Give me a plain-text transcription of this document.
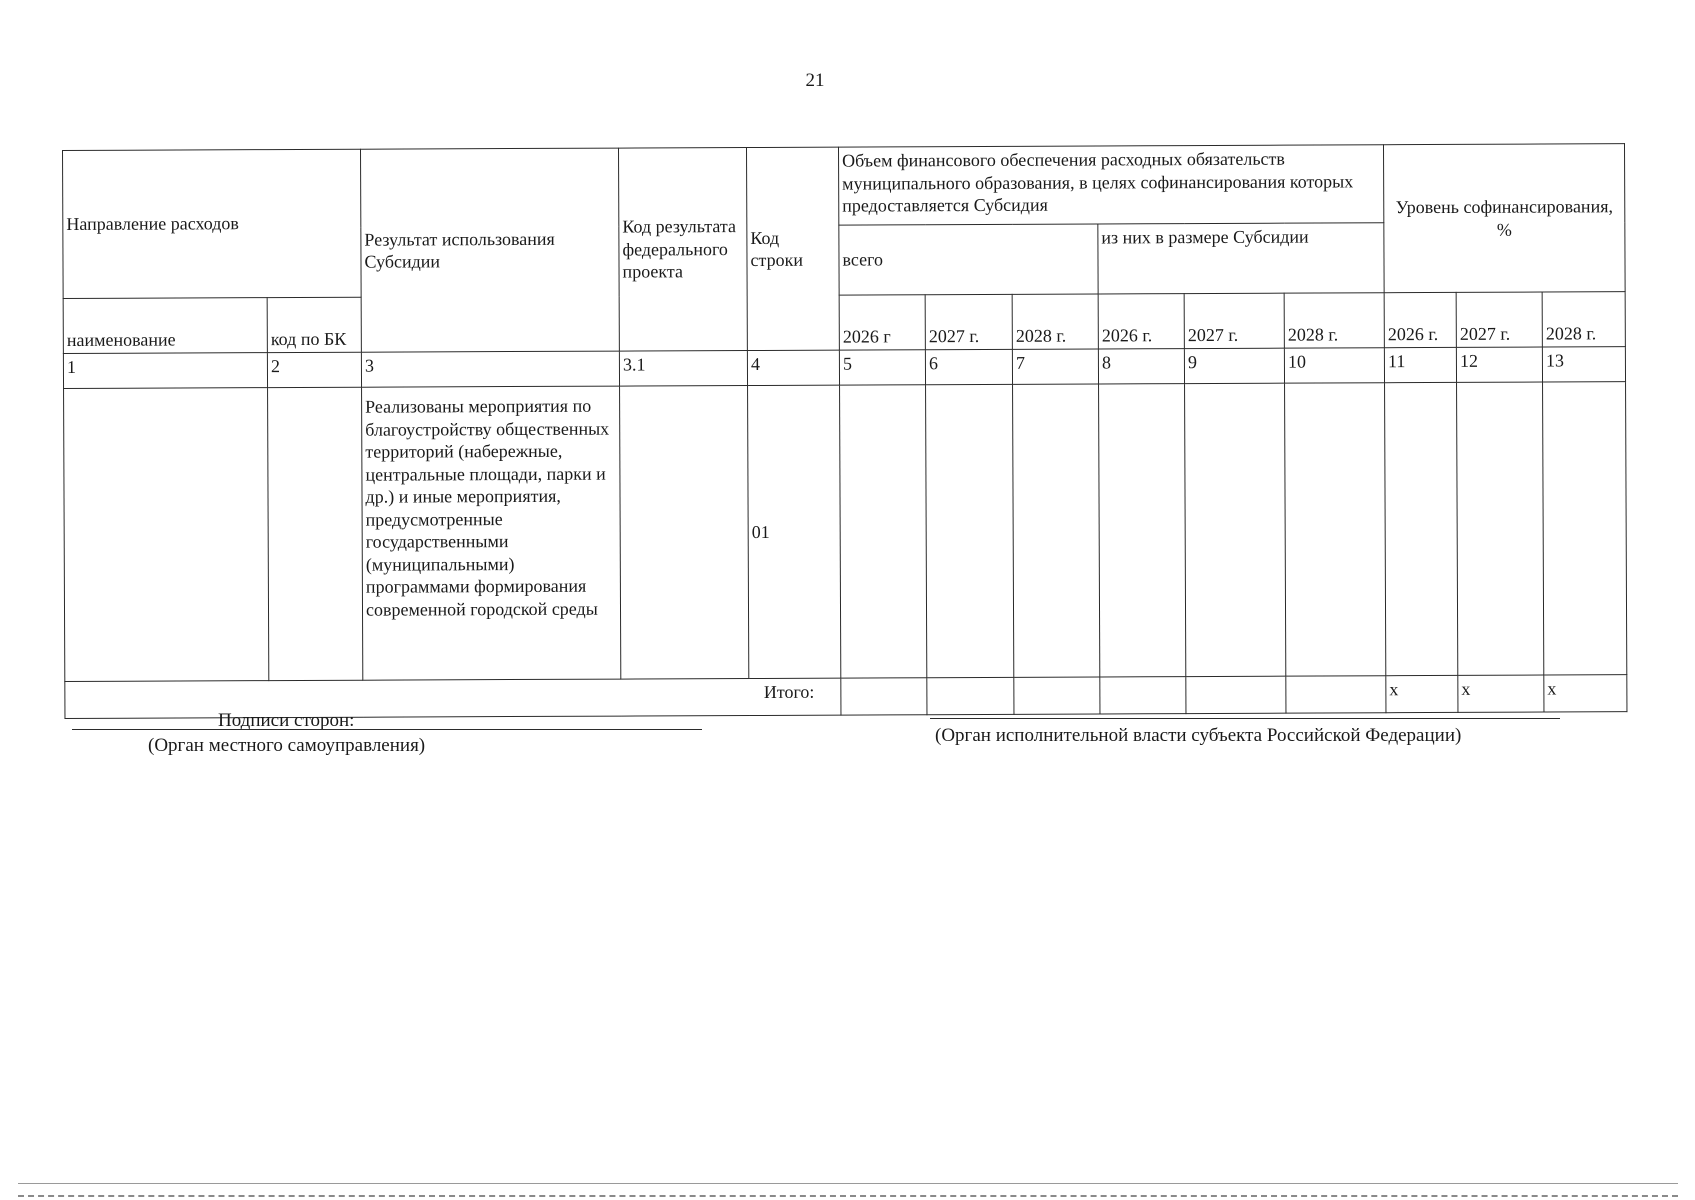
21
Направление расходов		Результат использования Субсидии	Код результата федерального проекта	Код строки	Объем финансового обеспечения расходных обязательств муниципального образования, в целях софинансирования которых предоставляется Субсидия						Уровень софинансирования, %		
					всего			из них в размере Субсидии					
наименование	код по БК				2026 г	2027 г.	2028 г.	2026 г.	2027 г.	2028 г.	2026 г.	2027 г.	2028 г.
1	2	3	3.1	4	5	6	7	8	9	10	11	12	13
		Реализованы мероприятия по благоустройству общественных территорий (набережные, центральные площади, парки и др.) и иные мероприятия, предусмотренные государственными (муниципальными) программами формирования современной городской среды		01									
Итого:											x	x	x
Подписи сторон:
(Орган местного самоуправления)	(Орган исполнительной власти субъекта Российской Федерации)
